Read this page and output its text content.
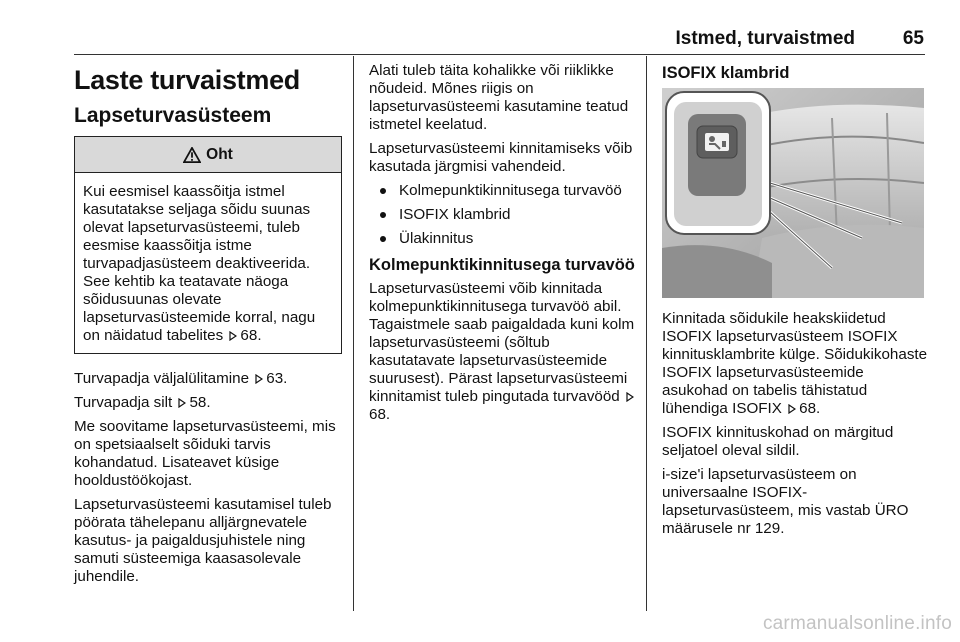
Istmed, turvaistmed	65
Laste turvaistmed
Lapseturvasüsteem
Oht
Kui eesmisel kaassõitja istmel kasutatakse seljaga sõidu suunas olevat lapseturvasüsteemi, tuleb eesmise kaassõitja istme turvapadjasüsteem deaktiveerida. See kehtib ka teatavate näoga sõidusuunas olevate lapseturvasüsteemide korral, nagu on näidatud tabelites 68.

Turvapadja väljalülitamine 63.

Turvapadja silt 58.

Me soovitame lapseturvasüsteemi, mis on spetsiaalselt sõiduki tarvis kohandatud. Lisateavet küsige hooldustöökojast.

Lapseturvasüsteemi kasutamisel tuleb pöörata tähelepanu alljärgnevatele kasutus- ja paigaldusjuhistele ning samuti süsteemiga kaasasolevale juhendile.

Alati tuleb täita kohalikke või riiklikke nõudeid. Mõnes riigis on lapseturvasüsteemi kasutamine teatud istmetel keelatud.

Lapseturvasüsteemi kinnitamiseks võib kasutada järgmisi vahendeid.

Kolmepunktikinnitusega turvavöö
ISOFIX klambrid
Ülakinnitus
Kolmepunktikinnitusega turvavöö

Lapseturvasüsteemi võib kinnitada kolmepunktikinnitusega turvavöö abil. Tagaistmele saab paigaldada kuni kolm lapseturvasüsteemi (sõltub kasutatavate lapseturvasüsteemide suurusest). Pärast lapseturvasüsteemi kinnitamist tuleb pingutada turvavööd 68.

ISOFIX klambrid

Kinnitada sõidukile heakskiidetud ISOFIX lapseturvasüsteem ISOFIX kinnitusklambrite külge. Sõidukikohaste ISOFIX lapseturvasüsteemide asukohad on tabelis tähistatud lühendiga ISOFIX 68.

ISOFIX kinnituskohad on märgitud seljatoel oleval sildil.

i-size'i lapseturvasüsteem on universaalne ISOFIX-lapseturvasüsteem, mis vastab ÜRO määrusele nr 129.

carmanualsonline.info
